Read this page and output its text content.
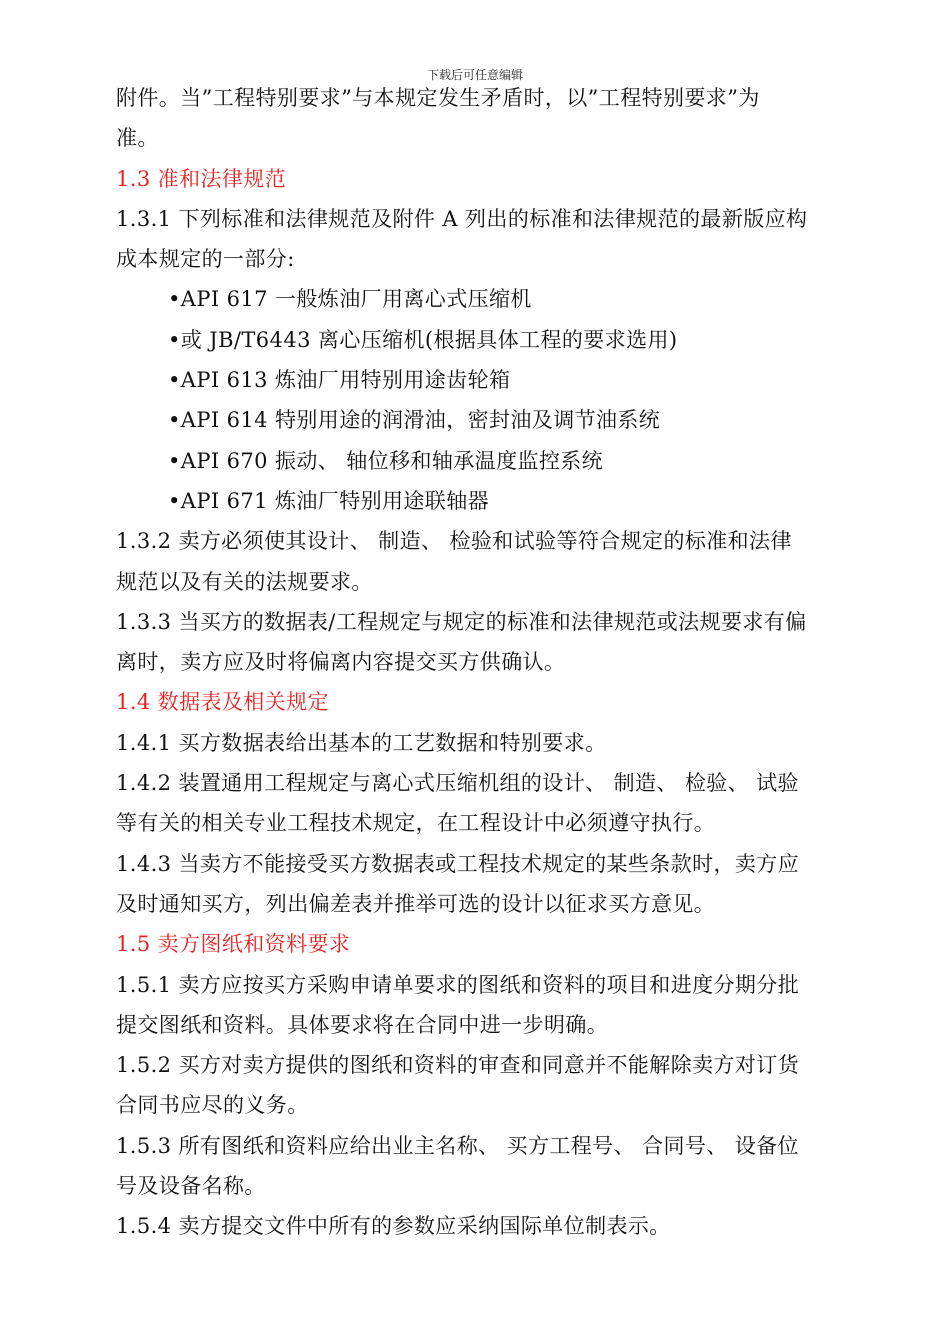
下载后可任意编辑
附件。当”工程特别要求”与本规定发生矛盾时，以”工程特别要求”为
准。
1.3 准和法律规范
1.3.1 下列标准和法律规范及附件 A 列出的标准和法律规范的最新版应构
成本规定的一部分:
•API 617 一般炼油厂用离心式压缩机
•或 JB/T6443 离心压缩机(根据具体工程的要求选用)
•API 613 炼油厂用特别用途齿轮箱
•API 614 特别用途的润滑油，密封油及调节油系统
•API 670 振动、 轴位移和轴承温度监控系统
•API 671 炼油厂特别用途联轴器
1.3.2 卖方必须使其设计、 制造、 检验和试验等符合规定的标准和法律
规范以及有关的法规要求。
1.3.3 当买方的数据表/工程规定与规定的标准和法律规范或法规要求有偏
离时，卖方应及时将偏离内容提交买方供确认。
1.4 数据表及相关规定
1.4.1 买方数据表给出基本的工艺数据和特别要求。
1.4.2 装置通用工程规定与离心式压缩机组的设计、 制造、 检验、 试验
等有关的相关专业工程技术规定，在工程设计中必须遵守执行。
1.4.3 当卖方不能接受买方数据表或工程技术规定的某些条款时，卖方应
及时通知买方，列出偏差表并推举可选的设计以征求买方意见。
1.5 卖方图纸和资料要求
1.5.1 卖方应按买方采购申请单要求的图纸和资料的项目和进度分期分批
提交图纸和资料。具体要求将在合同中进一步明确。
1.5.2 买方对卖方提供的图纸和资料的审查和同意并不能解除卖方对订货
合同书应尽的义务。
1.5.3 所有图纸和资料应给出业主名称、 买方工程号、 合同号、 设备位
号及设备名称。
1.5.4 卖方提交文件中所有的参数应采纳国际单位制表示。
